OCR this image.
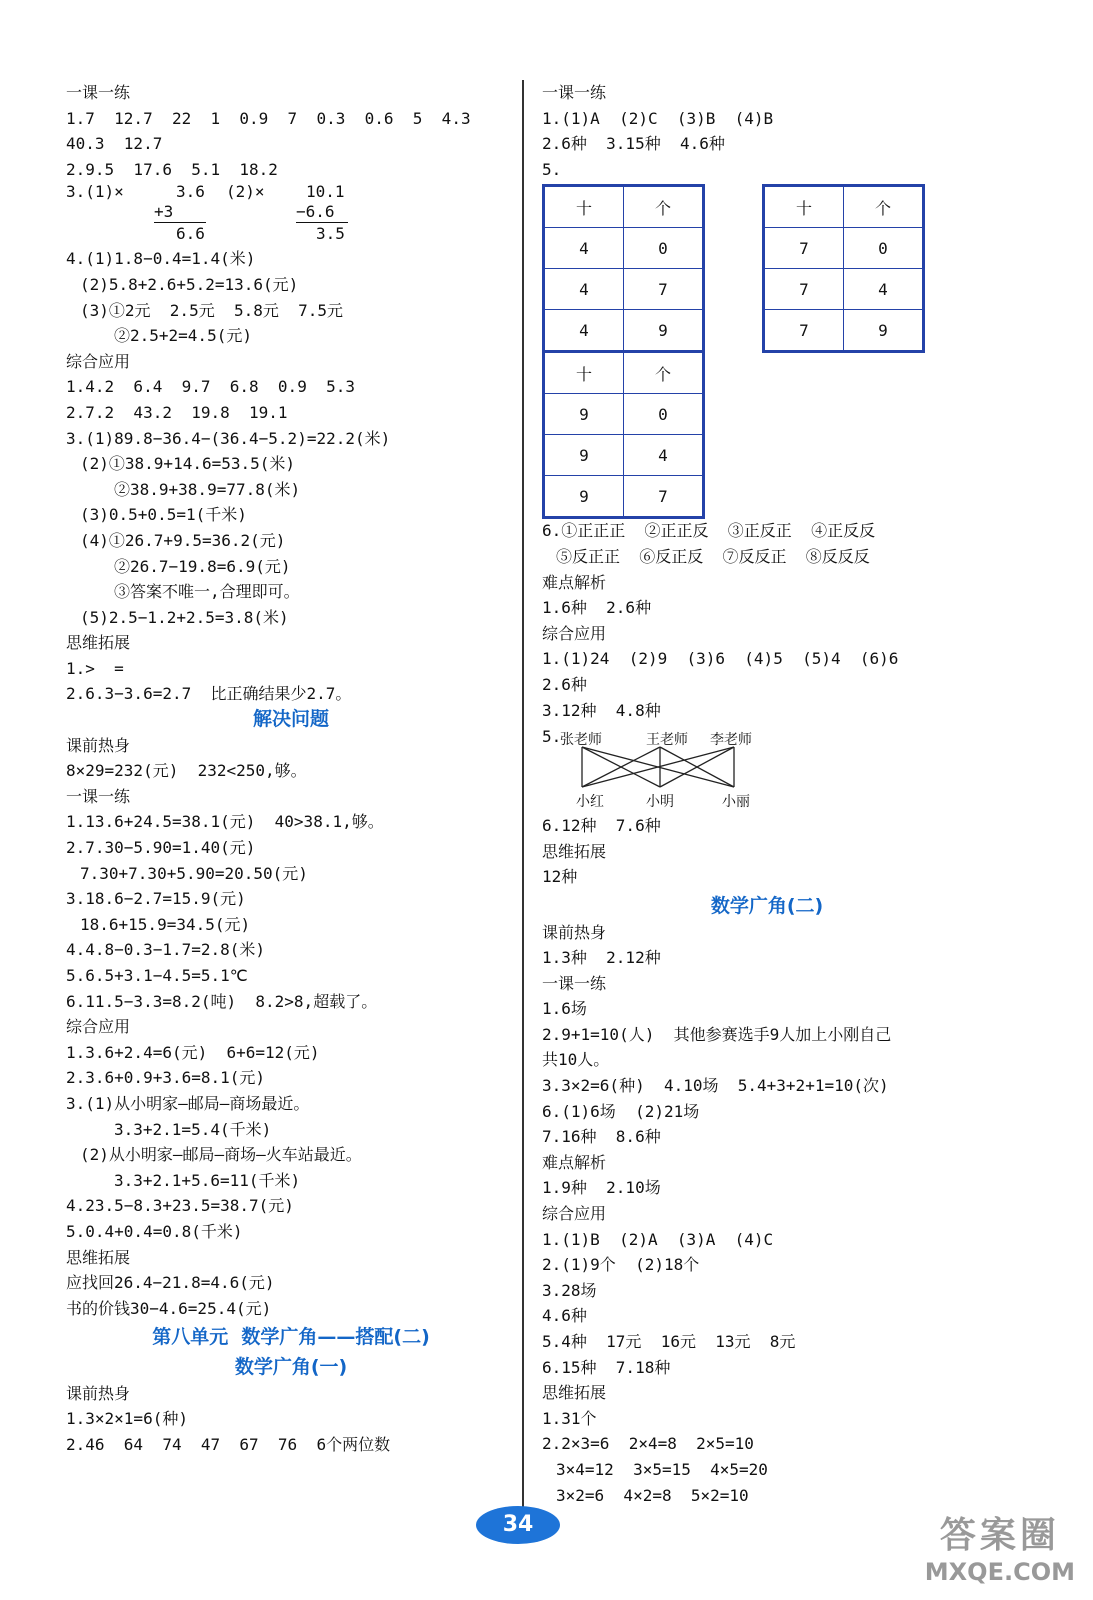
一课一练
1.7  12.7  22  1  0.9  7  0.3  0.6  5  4.3
40.3  12.7
2.9.5  17.6  5.1  18.2
3.(1)×	3.6
+3
6.6
(2)×	10.1
−6.6
3.5
4.(1)1.8−0.4=1.4(米)
(2)5.8+2.6+5.2=13.6(元)
(3)①2元  2.5元  5.8元  7.5元
②2.5+2=4.5(元)
综合应用
1.4.2  6.4  9.7  6.8  0.9  5.3
2.7.2  43.2  19.8  19.1
3.(1)89.8−36.4−(36.4−5.2)=22.2(米)
(2)①38.9+14.6=53.5(米)
②38.9+38.9=77.8(米)
(3)0.5+0.5=1(千米)
(4)①26.7+9.5=36.2(元)
②26.7−19.8=6.9(元)
③答案不唯一,合理即可。
(5)2.5−1.2+2.5=3.8(米)
思维拓展
1.>  =
2.6.3−3.6=2.7  比正确结果少2.7。
解决问题
课前热身
8×29=232(元)  232<250,够。
一课一练
1.13.6+24.5=38.1(元)  40>38.1,够。
2.7.30−5.90=1.40(元)
7.30+7.30+5.90=20.50(元)
3.18.6−2.7=15.9(元)
18.6+15.9=34.5(元)
4.4.8−0.3−1.7=2.8(米)
5.6.5+3.1−4.5=5.1℃
6.11.5−3.3=8.2(吨)  8.2>8,超载了。
综合应用
1.3.6+2.4=6(元)  6+6=12(元)
2.3.6+0.9+3.6=8.1(元)
3.(1)从小明家—邮局—商场最近。
3.3+2.1=5.4(千米)
(2)从小明家—邮局—商场—火车站最近。
3.3+2.1+5.6=11(千米)
4.23.5−8.3+23.5=38.7(元)
5.0.4+0.4=0.8(千米)
思维拓展
应找回26.4−21.8=4.6(元)
书的价钱30−4.6=25.4(元)
第八单元  数学广角——搭配(二)
数学广角(一)
课前热身
1.3×2×1=6(种)
2.46  64  74  47  67  76  6个两位数
一课一练
1.(1)A  (2)C  (3)B  (4)B
2.6种  3.15种  4.6种
5.
十	个
4	0
4	7
4	9
十	个
7	0
7	4
7	9
十	个
9	0
9	4
9	7
6.①正正正  ②正正反  ③正反正  ④正反反
⑤反正正  ⑥反正反  ⑦反反正  ⑧反反反
难点解析
1.6种  2.6种
综合应用
1.(1)24  (2)9  (3)6  (4)5  (5)4  (6)6
2.6种
3.12种  4.8种
5.
张老师	王老师 李老师
小红	小明	小丽
6.12种  7.6种
思维拓展
12种
数学广角(二)
课前热身
1.3种  2.12种
一课一练
1.6场
2.9+1=10(人)  其他参赛选手9人加上小刚自己
共10人。
3.3×2=6(种)  4.10场  5.4+3+2+1=10(次)
6.(1)6场  (2)21场
7.16种  8.6种
难点解析
1.9种  2.10场
综合应用
1.(1)B  (2)A  (3)A  (4)C
2.(1)9个  (2)18个
3.28场
4.6种
5.4种  17元  16元  13元  8元
6.15种  7.18种
思维拓展
1.31个
2.2×3=6  2×4=8  2×5=10
3×4=12  3×5=15  4×5=20
3×2=6  4×2=8  5×2=10
34	答案圈
MXQE.COM
